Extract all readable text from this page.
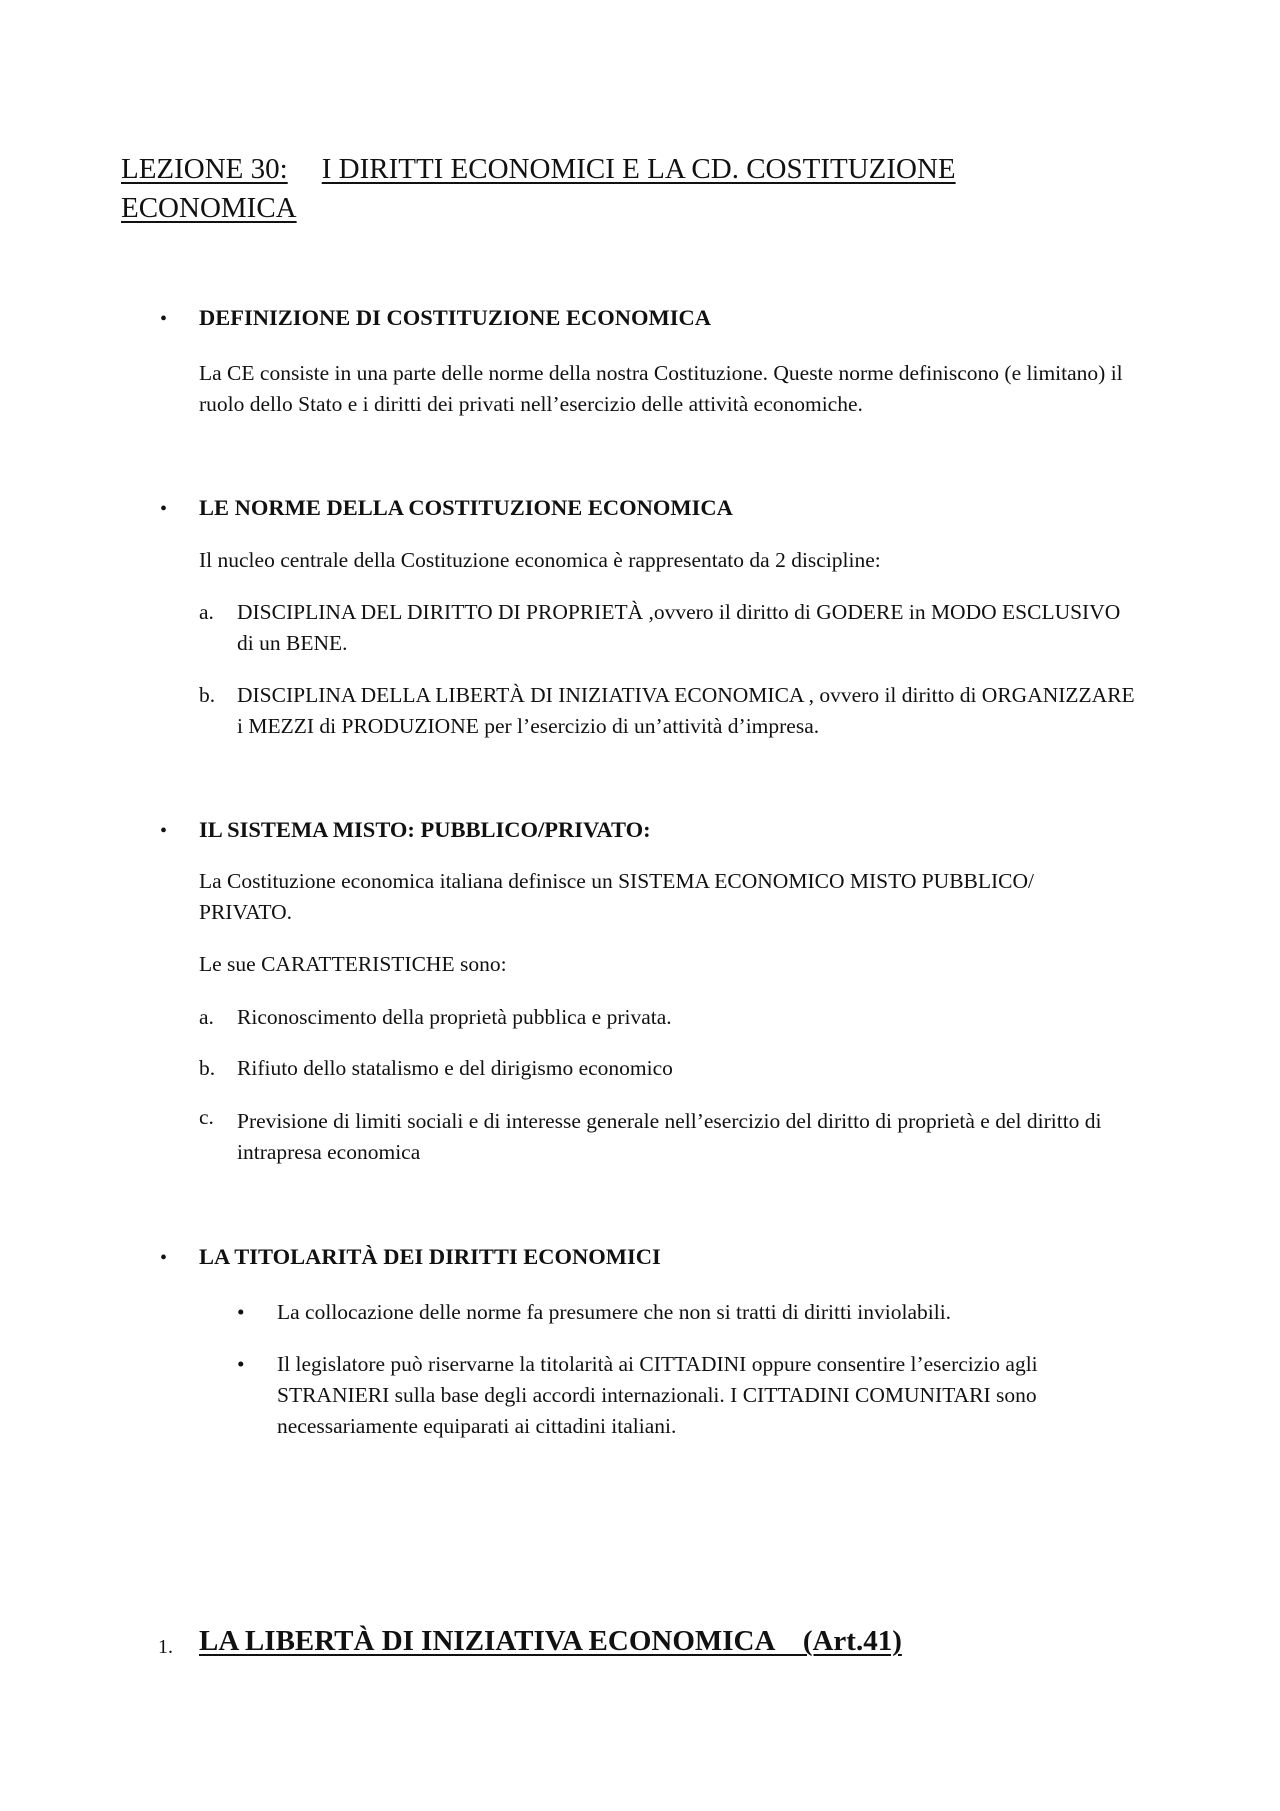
LEZIONE 30: I DIRITTI ECONOMICI E LA CD. COSTITUZIONE ECONOMICA
• DEFINIZIONE DI COSTITUZIONE ECONOMICA

La CE consiste in una parte delle norme della nostra Costituzione. Queste norme definiscono (e limitano) il ruolo dello Stato e i diritti dei privati nell’esercizio delle attività economiche.

• LE NORME DELLA COSTITUZIONE ECONOMICA

Il nucleo centrale della Costituzione economica è rappresentato da 2 discipline:

a. DISCIPLINA DEL DIRITTO DI PROPRIETÀ ,ovvero il diritto di GODERE in MODO ESCLUSIVO di un BENE.
b. DISCIPLINA DELLA LIBERTÀ DI INIZIATIVA ECONOMICA , ovvero il diritto di ORGANIZZARE i MEZZI di PRODUZIONE per l’esercizio di un’attività d’impresa.
• IL SISTEMA MISTO: PUBBLICO/PRIVATO:

La Costituzione economica italiana definisce un SISTEMA ECONOMICO MISTO PUBBLICO/ PRIVATO.

Le sue CARATTERISTICHE sono:

a. Riconoscimento della proprietà pubblica e privata.
b. Rifiuto dello statalismo e del dirigismo economico
c. Previsione di limiti sociali e di interesse generale nell’esercizio del diritto di proprietà e del diritto di intrapresa economica
• LA TITOLARITÀ DEI DIRITTI ECONOMICI
• La collocazione delle norme fa presumere che non si tratti di diritti inviolabili.
• Il legislatore può riservarne la titolarità ai CITTADINI oppure consentire l’esercizio agli STRANIERI sulla base degli accordi internazionali. I CITTADINI COMUNITARI sono necessariamente equiparati ai cittadini italiani.
1. LA LIBERTÀ DI INIZIATIVA ECONOMICA    (Art.41)
